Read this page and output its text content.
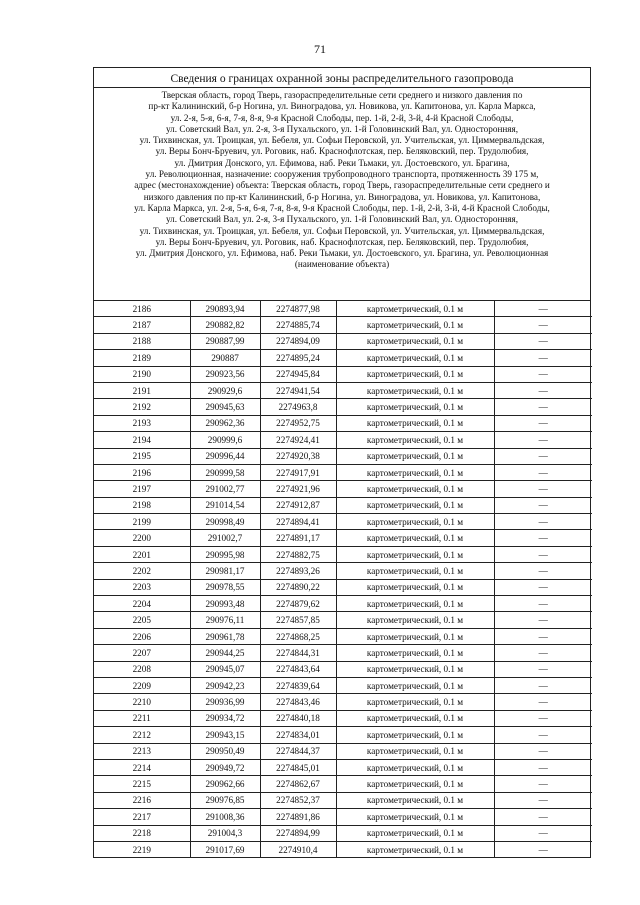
71
Сведения о границах охранной зоны распределительного газопровода
Тверская область, город Тверь, газораспределительные сети среднего и низкого давления по
пр-кт Калининский, б-р Ногина, ул. Виноградова, ул. Новикова, ул. Капитонова, ул. Карла Маркса,
ул. 2-я, 5-я, 6-я, 7-я, 8-я, 9-я Красной Слободы, пер. 1-й, 2-й, 3-й, 4-й Красной Слободы,
ул. Советский Вал, ул. 2-я, 3-я Пухальского, ул. 1-й Головинский Вал, ул. Односторонняя,
ул. Тихвинская, ул. Троицкая, ул. Бебеля, ул. Софьи Перовской, ул. Учительская, ул. Циммервальдская,
ул. Веры Бонч-Бруевич, ул. Роговик, наб. Краснофлотская, пер. Беляковский, пер. Трудолюбия,
ул. Дмитрия Донского, ул. Ефимова, наб. Реки Тьмаки, ул. Достоевского, ул. Брагина,
ул. Революционная, назначение: сооружения трубопроводного транспорта, протяженность 39 175 м,
адрес (местонахождение) объекта: Тверская область, город Тверь, газораспределительные сети среднего и
низкого давления по пр-кт Калининский, б-р Ногина, ул. Виноградова, ул. Новикова, ул. Капитонова,
ул. Карла Маркса, ул. 2-я, 5-я, 6-я, 7-я, 8-я, 9-я Красной Слободы, пер. 1-й, 2-й, 3-й, 4-й Красной Слободы,
ул. Советский Вал, ул. 2-я, 3-я Пухальского, ул. 1-й Головинский Вал, ул. Односторонняя,
ул. Тихвинская, ул. Троицкая, ул. Бебеля, ул. Софьи Перовской, ул. Учительская, ул. Циммервальдская,
ул. Веры Бонч-Бруевич, ул. Роговик, наб. Краснофлотская, пер. Беляковский, пер. Трудолюбия,
ул. Дмитрия Донского, ул. Ефимова, наб. Реки Тьмаки, ул. Достоевского, ул. Брагина, ул. Революционная
(наименование объекта)
2186	290893,94	2274877,98	картометрический, 0.1 м	—
2187	290882,82	2274885,74	картометрический, 0.1 м	—
2188	290887,99	2274894,09	картометрический, 0.1 м	—
2189	290887	2274895,24	картометрический, 0.1 м	—
2190	290923,56	2274945,84	картометрический, 0.1 м	—
2191	290929,6	2274941,54	картометрический, 0.1 м	—
2192	290945,63	2274963,8	картометрический, 0.1 м	—
2193	290962,36	2274952,75	картометрический, 0.1 м	—
2194	290999,6	2274924,41	картометрический, 0.1 м	—
2195	290996,44	2274920,38	картометрический, 0.1 м	—
2196	290999,58	2274917,91	картометрический, 0.1 м	—
2197	291002,77	2274921,96	картометрический, 0.1 м	—
2198	291014,54	2274912,87	картометрический, 0.1 м	—
2199	290998,49	2274894,41	картометрический, 0.1 м	—
2200	291002,7	2274891,17	картометрический, 0.1 м	—
2201	290995,98	2274882,75	картометрический, 0.1 м	—
2202	290981,17	2274893,26	картометрический, 0.1 м	—
2203	290978,55	2274890,22	картометрический, 0.1 м	—
2204	290993,48	2274879,62	картометрический, 0.1 м	—
2205	290976,11	2274857,85	картометрический, 0.1 м	—
2206	290961,78	2274868,25	картометрический, 0.1 м	—
2207	290944,25	2274844,31	картометрический, 0.1 м	—
2208	290945,07	2274843,64	картометрический, 0.1 м	—
2209	290942,23	2274839,64	картометрический, 0.1 м	—
2210	290936,99	2274843,46	картометрический, 0.1 м	—
2211	290934,72	2274840,18	картометрический, 0.1 м	—
2212	290943,15	2274834,01	картометрический, 0.1 м	—
2213	290950,49	2274844,37	картометрический, 0.1 м	—
2214	290949,72	2274845,01	картометрический, 0.1 м	—
2215	290962,66	2274862,67	картометрический, 0.1 м	—
2216	290976,85	2274852,37	картометрический, 0.1 м	—
2217	291008,36	2274891,86	картометрический, 0.1 м	—
2218	291004,3	2274894,99	картометрический, 0.1 м	—
2219	291017,69	2274910,4	картометрический, 0.1 м	—
